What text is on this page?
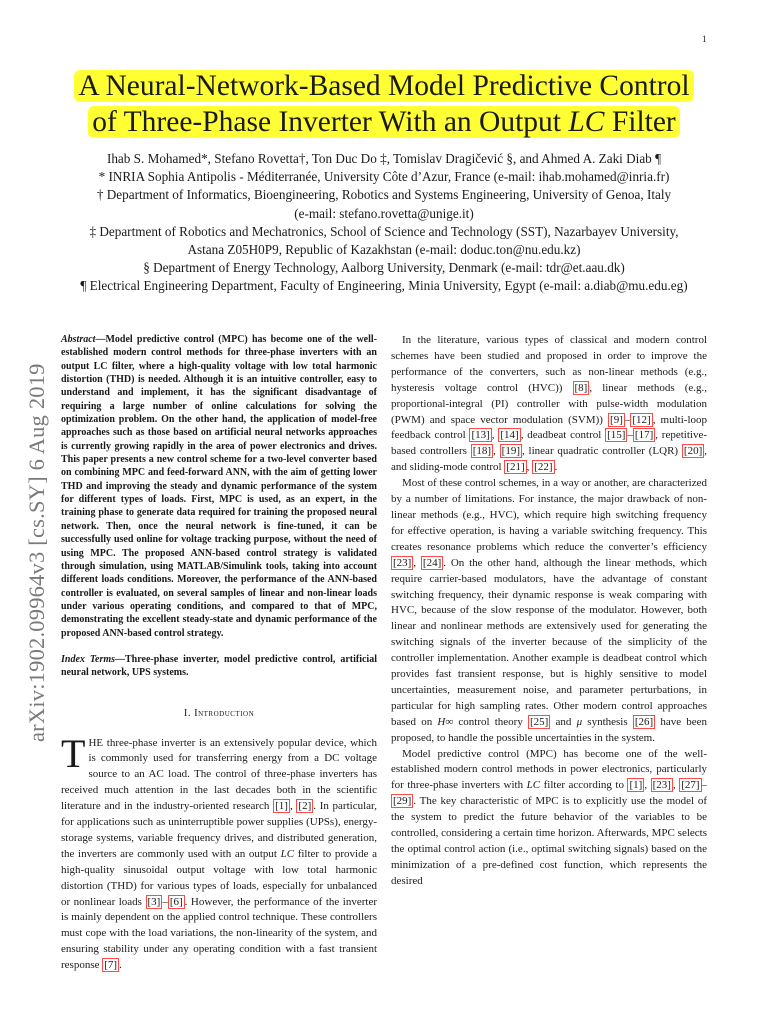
1
arXiv:1902.09964v3 [cs.SY] 6 Aug 2019
A Neural-Network-Based Model Predictive Control
of Three-Phase Inverter With an Output LC Filter
Ihab S. Mohamed*, Stefano Rovetta†, Ton Duc Do ‡, Tomislav Dragičević §, and Ahmed A. Zaki Diab ¶
* INRIA Sophia Antipolis - Méditerranée, University Côte d’Azur, France (e-mail: ihab.mohamed@inria.fr)
† Department of Informatics, Bioengineering, Robotics and Systems Engineering, University of Genoa, Italy
(e-mail: stefano.rovetta@unige.it)
‡ Department of Robotics and Mechatronics, School of Science and Technology (SST), Nazarbayev University,
Astana Z05H0P9, Republic of Kazakhstan (e-mail: doduc.ton@nu.edu.kz)
§ Department of Energy Technology, Aalborg University, Denmark (e-mail: tdr@et.aau.dk)
¶ Electrical Engineering Department, Faculty of Engineering, Minia University, Egypt (e-mail: a.diab@mu.edu.eg)

Abstract—Model predictive control (MPC) has become one of the well-established modern control methods for three-phase inverters with an output LC filter, where a high-quality voltage with low total harmonic distortion (THD) is needed. Although it is an intuitive controller, easy to understand and implement, it has the significant disadvantage of requiring a large number of online calculations for solving the optimization problem. On the other hand, the application of model-free approaches such as those based on artificial neural networks approaches is currently growing rapidly in the area of power electronics and drives. This paper presents a new control scheme for a two-level converter based on combining MPC and feed-forward ANN, with the aim of getting lower THD and improving the steady and dynamic performance of the system for different types of loads. First, MPC is used, as an expert, in the training phase to generate data required for training the proposed neural network. Then, once the neural network is fine-tuned, it can be successfully used online for voltage tracking purpose, without the need of using MPC. The proposed ANN-based control strategy is validated through simulation, using MATLAB/Simulink tools, taking into account different loads conditions. Moreover, the performance of the ANN-based controller is evaluated, on several samples of linear and non-linear loads under various operating conditions, and compared to that of MPC, demonstrating the excellent steady-state and dynamic performance of the proposed ANN-based control strategy.

Index Terms—Three-phase inverter, model predictive control, artificial neural network, UPS systems.

I. Introduction

THE three-phase inverter is an extensively popular device, which is commonly used for transferring energy from a DC voltage source to an AC load. The control of three-phase inverters has received much attention in the last decades both in the scientific literature and in the industry-oriented research [1] , [2] . In particular, for applications such as uninterruptible power supplies (UPSs), energy-storage systems, variable frequency drives, and distributed generation, the inverters are commonly used with an output LC filter to provide a high-quality sinusoidal output voltage with low total harmonic distortion (THD) for various types of loads, especially for unbalanced or nonlinear loads [3] – [6] . However, the performance of the inverter is mainly dependent on the applied control technique. These controllers must cope with the load variations, the non-linearity of the system, and ensuring stability under any operating condition with a fast transient response [7] .

In the literature, various types of classical and modern control schemes have been studied and proposed in order to improve the performance of the converters, such as non-linear methods (e.g., hysteresis voltage control (HVC)) [8] , linear methods (e.g., proportional-integral (PI) controller with pulse-width modulation (PWM) and space vector modulation (SVM)) [9] – [12] , multi-loop feedback control [13] , [14] , deadbeat control [15] – [17] , repetitive-based controllers [18] , [19] , linear quadratic controller (LQR) [20] , and sliding-mode control [21] , [22] .

Most of these control schemes, in a way or another, are characterized by a number of limitations. For instance, the major drawback of non-linear methods (e.g., HVC), which require high switching frequency for effective operation, is having a variable switching frequency. This creates resonance problems which reduce the converter’s efficiency [23] , [24] . On the other hand, although the linear methods, which require carrier-based modulators, have the advantage of constant switching frequency, their dynamic response is weak comparing with HVC, because of the slow response of the modulator. However, both linear and nonlinear methods are extensively used for generating the switching signals of the inverter because of the simplicity of the controller implementation. Another example is deadbeat control which provides fast transient response, but is highly sensitive to model uncertainties, measurement noise, and parameter perturbations, in particular for high sampling rates. Other modern control approaches based on H∞ control theory [25] and μ synthesis [26] have been proposed, to handle the possible uncertainties in the system.

Model predictive control (MPC) has become one of the well-established modern control methods in power electronics, particularly for three-phase inverters with LC filter according to [1] , [23] , [27] –[29] . The key characteristic of MPC is to explicitly use the model of the system to predict the future behavior of the variables to be controlled, considering a certain time horizon. Afterwards, MPC selects the optimal control action (i.e., optimal switching signals) based on the minimization of a pre-defined cost function, which represents the desired
